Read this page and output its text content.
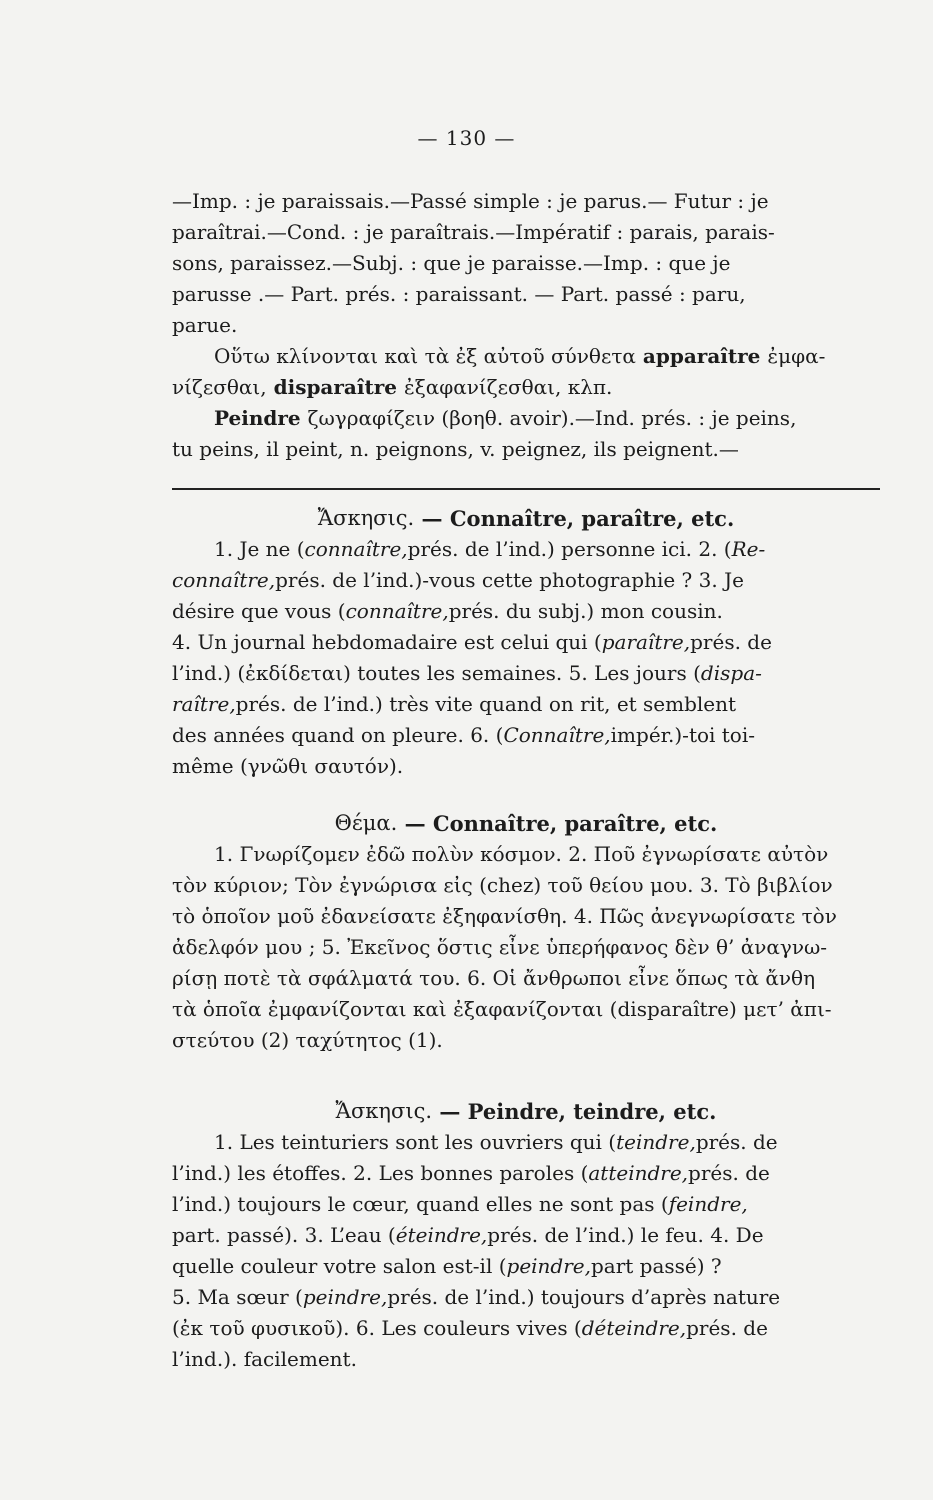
— 130 —
—Imp. : je paraissais.—Passé simple : je parus.— Futur : je
paraîtrai.—Cond. : je paraîtrais.—Impératif : parais, parais-
sons, paraissez.—Subj. : que je paraisse.—Imp. : que je
parusse .— Part. prés. : paraissant. — Part. passé : paru,
parue.
Οὕτω κλίνονται καὶ τὰ ἐξ αὐτοῦ σύνθετα apparaître ἐμφα-
νίζεσθαι, disparaître ἐξαφανίζεσθαι, κλπ.
Peindre ζωγραφίζειν (βοηθ. avoir).—Ind. prés. : je peins,
tu peins, il peint, n. peignons, v. peignez, ils peignent.—
Ἄσκησις. — Connaître, paraître, etc.
1. Je ne ( connaître, prés. de l’ind.) personne ici. 2. ( Re-
connaître, prés. de l’ind.)-vous cette photographie ? 3. Je
désire que vous ( connaître, prés. du subj.) mon cousin.
4. Un journal hebdomadaire est celui qui ( paraître, prés. de
l’ind.) (ἐκδίδεται) toutes les semaines. 5. Les jours ( dispa-
raître, prés. de l’ind.) très vite quand on rit, et semblent
des années quand on pleure. 6. ( Connaître, impér.)-toi toi-
même (γνῶθι σαυτόν).
Θέμα. — Connaître, paraître, etc.
1. Γνωρίζομεν ἐδῶ πολὺν κόσμον. 2. Ποῦ ἐγνωρίσατε αὐτὸν
τὸν κύριον; Τὸν ἐγνώρισα εἰς (chez) τοῦ θείου μου. 3. Τὸ βιβλίον
τὸ ὁποῖον μοῦ ἐδανείσατε ἐξηφανίσθη. 4. Πῶς ἀνεγνωρίσατε τὸν
ἀδελφόν μου ; 5. Ἐκεῖνος ὅστις εἶνε ὑπερήφανος δὲν θ’ ἀναγνω-
ρίσῃ ποτὲ τὰ σφάλματά του. 6. Οἱ ἄνθρωποι εἶνε ὅπως τὰ ἄνθη
τὰ ὁποῖα ἐμφανίζονται καὶ ἐξαφανίζονται (disparaître) μετ’ ἀπι-
στεύτου (2) ταχύτητος (1).
Ἄσκησις. — Peindre, teindre, etc.
1. Les teinturiers sont les ouvriers qui ( teindre, prés. de
l’ind.) les étoffes. 2. Les bonnes paroles ( atteindre, prés. de
l’ind.) toujours le cœur, quand elles ne sont pas ( feindre,
part. passé). 3. L’eau ( éteindre, prés. de l’ind.) le feu. 4. De
quelle couleur votre salon est-il ( peindre, part passé) ?
5. Ma sœur ( peindre, prés. de l’ind.) toujours d’après nature
(ἐκ τοῦ φυσικοῦ). 6. Les couleurs vives ( déteindre, prés. de
l’ind.). facilement.
